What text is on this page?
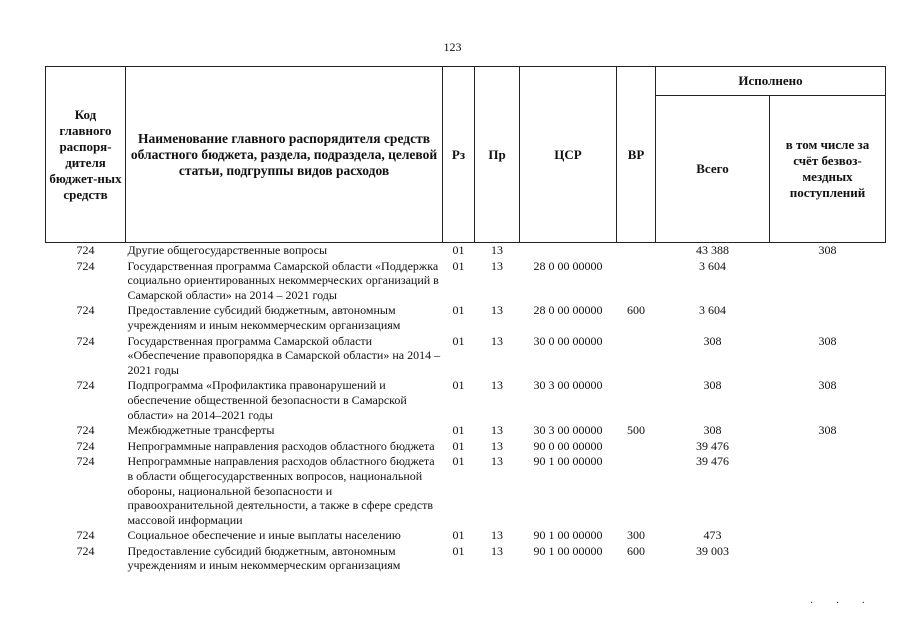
123
Код главного распоря-дителя бюджет-ных средств	Наименование главного распорядителя средств областного бюджета, раздела, подраздела, целевой статьи, подгруппы видов расходов	Рз	Пр	ЦСР	ВР	Исполнено	
						Всего	в том числе за счёт безвоз-мездных поступлений
724	Другие общегосударственные вопросы	01	13			43 388	308
724	Государственная программа Самарской области «Поддержка социально ориентированных некоммерческих организаций в Самарской области» на 2014 – 2021 годы	01	13	28 0 00 00000		3 604	
724	Предоставление субсидий бюджетным, автономным учреждениям и иным некоммерческим организациям	01	13	28 0 00 00000	600	3 604	
724	Государственная программа Самарской области «Обеспечение правопорядка в Самарской области» на 2014 – 2021 годы	01	13	30 0 00 00000		308	308
724	Подпрограмма «Профилактика правонарушений и обеспечение общественной безопасности в Самарской области» на 2014–2021 годы	01	13	30 3 00 00000		308	308
724	Межбюджетные трансферты	01	13	30 3 00 00000	500	308	308
724	Непрограммные направления расходов областного бюджета	01	13	90 0 00 00000		39 476	
724	Непрограммные направления расходов областного бюджета в области общегосударственных вопросов, национальной обороны, национальной безопасности и правоохранительной деятельности, а также в сфере средств массовой информации	01	13	90 1 00 00000		39 476	
724	Социальное обеспечение и иные выплаты населению	01	13	90 1 00 00000	300	473	
724	Предоставление субсидий бюджетным, автономным учреждениям и иным некоммерческим организациям	01	13	90 1 00 00000	600	39 003	
· · ·
